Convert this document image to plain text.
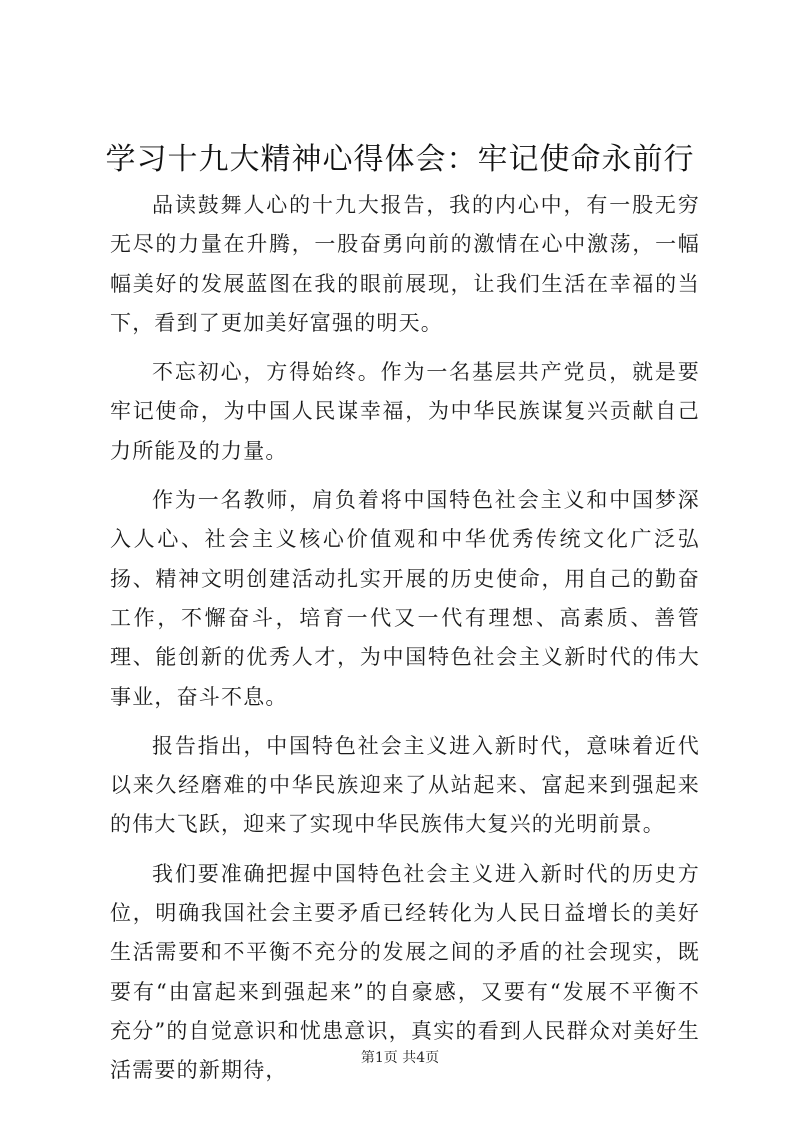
学习十九大精神心得体会：牢记使命永前行

品读鼓舞人心的十九大报告，我的内心中，有一股无穷无尽的力量在升腾，一股奋勇向前的激情在心中激荡，一幅幅美好的发展蓝图在我的眼前展现，让我们生活在幸福的当下，看到了更加美好富强的明天。

不忘初心，方得始终。作为一名基层共产党员，就是要牢记使命，为中国人民谋幸福，为中华民族谋复兴贡献自己力所能及的力量。

作为一名教师，肩负着将中国特色社会主义和中国梦深入人心、社会主义核心价值观和中华优秀传统文化广泛弘扬、精神文明创建活动扎实开展的历史使命，用自己的勤奋工作，不懈奋斗，培育一代又一代有理想、高素质、善管理、能创新的优秀人才，为中国特色社会主义新时代的伟大事业，奋斗不息。

报告指出，中国特色社会主义进入新时代，意味着近代以来久经磨难的中华民族迎来了从站起来、富起来到强起来的伟大飞跃，迎来了实现中华民族伟大复兴的光明前景。

我们要准确把握中国特色社会主义进入新时代的历史方位，明确我国社会主要矛盾已经转化为人民日益增长的美好生活需要和不平衡不充分的发展之间的矛盾的社会现实，既要有“由富起来到强起来”的自豪感，又要有“发展不平衡不充分”的自觉意识和忧患意识，真实的看到人民群众对美好生活需要的新期待，

第1页 共4页
